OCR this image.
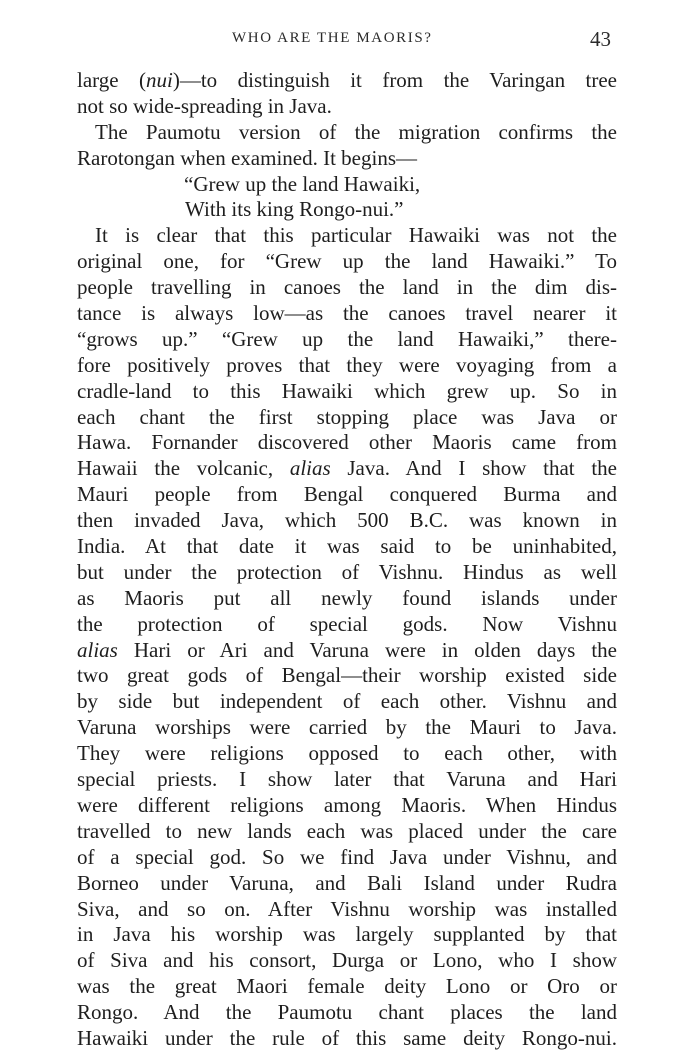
WHO ARE THE MAORIS?	43
large (nui)—to distinguish it from the Varingan tree
not so wide-spreading in Java.
The Paumotu version of the migration confirms the
Rarotongan when examined. It begins—
“Grew up the land Hawaiki,
With its king Rongo-nui.”
It is clear that this particular Hawaiki was not the
original one, for “Grew up the land Hawaiki.” To
people travelling in canoes the land in the dim dis-
tance is always low—as the canoes travel nearer it
“grows up.” “Grew up the land Hawaiki,” there-
fore positively proves that they were voyaging from a
cradle-land to this Hawaiki which grew up. So in
each chant the first stopping place was Java or
Hawa. Fornander discovered other Maoris came from
Hawaii the volcanic, alias Java. And I show that the
Mauri people from Bengal conquered Burma and
then invaded Java, which 500 B.C. was known in
India. At that date it was said to be uninhabited,
but under the protection of Vishnu. Hindus as well
as Maoris put all newly found islands under
the protection of special gods. Now Vishnu
alias Hari or Ari and Varuna were in olden days the
two great gods of Bengal—their worship existed side
by side but independent of each other. Vishnu and
Varuna worships were carried by the Mauri to Java.
They were religions opposed to each other, with
special priests. I show later that Varuna and Hari
were different religions among Maoris. When Hindus
travelled to new lands each was placed under the care
of a special god. So we find Java under Vishnu, and
Borneo under Varuna, and Bali Island under Rudra
Siva, and so on. After Vishnu worship was installed
in Java his worship was largely supplanted by that
of Siva and his consort, Durga or Lono, who I show
was the great Maori female deity Lono or Oro or
Rongo. And the Paumotu chant places the land
Hawaiki under the rule of this same deity Rongo-nui.
